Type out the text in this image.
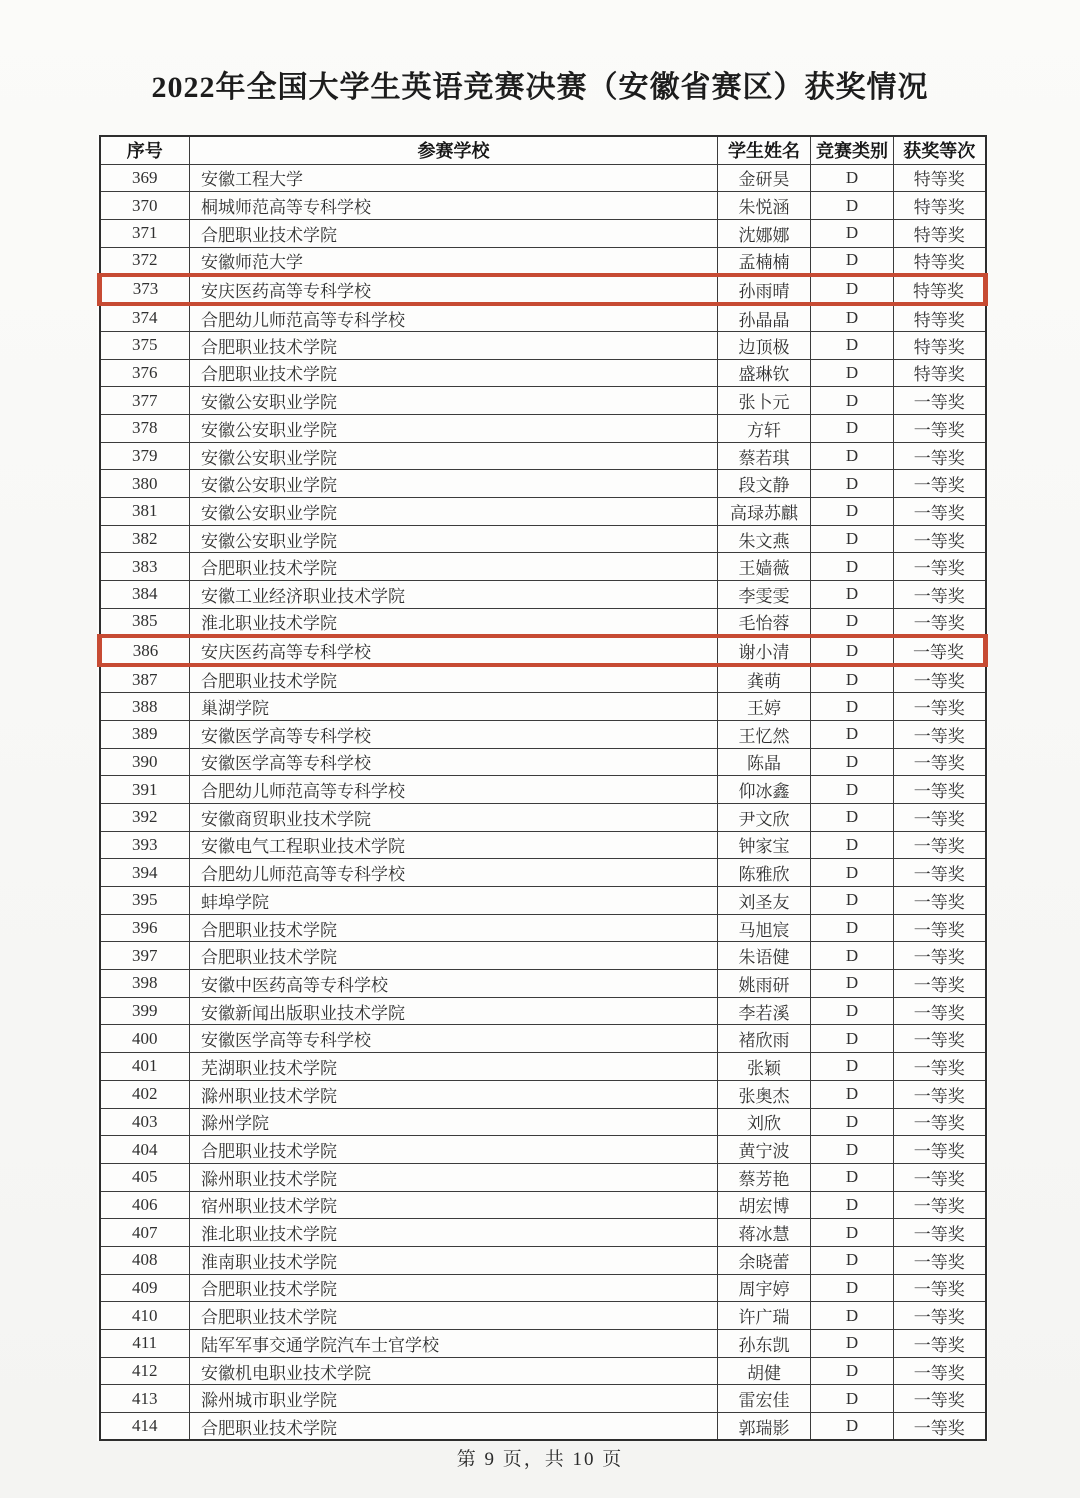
2022年全国大学生英语竞赛决赛（安徽省赛区）获奖情况
序号	参赛学校	学生姓名	竞赛类别	获奖等次
369	安徽工程大学	金研昊	D	特等奖
370	桐城师范高等专科学校	朱悦涵	D	特等奖
371	合肥职业技术学院	沈娜娜	D	特等奖
372	安徽师范大学	孟楠楠	D	特等奖
373	安庆医药高等专科学校	孙雨晴	D	特等奖
374	合肥幼儿师范高等专科学校	孙晶晶	D	特等奖
375	合肥职业技术学院	边顶极	D	特等奖
376	合肥职业技术学院	盛琳钦	D	特等奖
377	安徽公安职业学院	张卜元	D	一等奖
378	安徽公安职业学院	方轩	D	一等奖
379	安徽公安职业学院	蔡若琪	D	一等奖
380	安徽公安职业学院	段文静	D	一等奖
381	安徽公安职业学院	高琭苏麒	D	一等奖
382	安徽公安职业学院	朱文燕	D	一等奖
383	合肥职业技术学院	王嫱薇	D	一等奖
384	安徽工业经济职业技术学院	李雯雯	D	一等奖
385	淮北职业技术学院	毛怡蓉	D	一等奖
386	安庆医药高等专科学校	谢小清	D	一等奖
387	合肥职业技术学院	龚萌	D	一等奖
388	巢湖学院	王婷	D	一等奖
389	安徽医学高等专科学校	王忆然	D	一等奖
390	安徽医学高等专科学校	陈晶	D	一等奖
391	合肥幼儿师范高等专科学校	仰冰鑫	D	一等奖
392	安徽商贸职业技术学院	尹文欣	D	一等奖
393	安徽电气工程职业技术学院	钟家宝	D	一等奖
394	合肥幼儿师范高等专科学校	陈雅欣	D	一等奖
395	蚌埠学院	刘圣友	D	一等奖
396	合肥职业技术学院	马旭宸	D	一等奖
397	合肥职业技术学院	朱语健	D	一等奖
398	安徽中医药高等专科学校	姚雨研	D	一等奖
399	安徽新闻出版职业技术学院	李若溪	D	一等奖
400	安徽医学高等专科学校	褚欣雨	D	一等奖
401	芜湖职业技术学院	张颖	D	一等奖
402	滁州职业技术学院	张奥杰	D	一等奖
403	滁州学院	刘欣	D	一等奖
404	合肥职业技术学院	黄宁波	D	一等奖
405	滁州职业技术学院	蔡芳艳	D	一等奖
406	宿州职业技术学院	胡宏博	D	一等奖
407	淮北职业技术学院	蒋冰慧	D	一等奖
408	淮南职业技术学院	余晓蕾	D	一等奖
409	合肥职业技术学院	周宇婷	D	一等奖
410	合肥职业技术学院	许广瑞	D	一等奖
411	陆军军事交通学院汽车士官学校	孙东凯	D	一等奖
412	安徽机电职业技术学院	胡健	D	一等奖
413	滁州城市职业学院	雷宏佳	D	一等奖
414	合肥职业技术学院	郭瑞影	D	一等奖
第 9 页，共 10 页
